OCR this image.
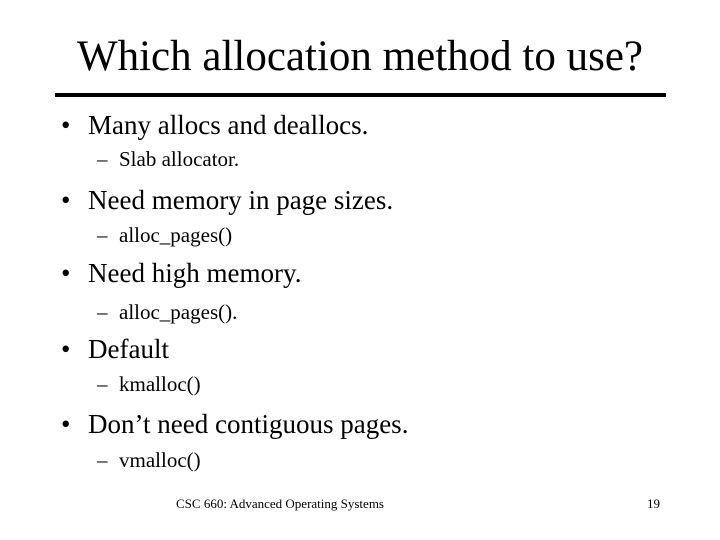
Which allocation method to use?
• Many allocs and deallocs.
– Slab allocator.
• Need memory in page sizes.
– alloc_pages()
• Need high memory.
– alloc_pages().
• Default
– kmalloc()
• Don’t need contiguous pages.
– vmalloc()
CSC 660: Advanced Operating Systems	19
